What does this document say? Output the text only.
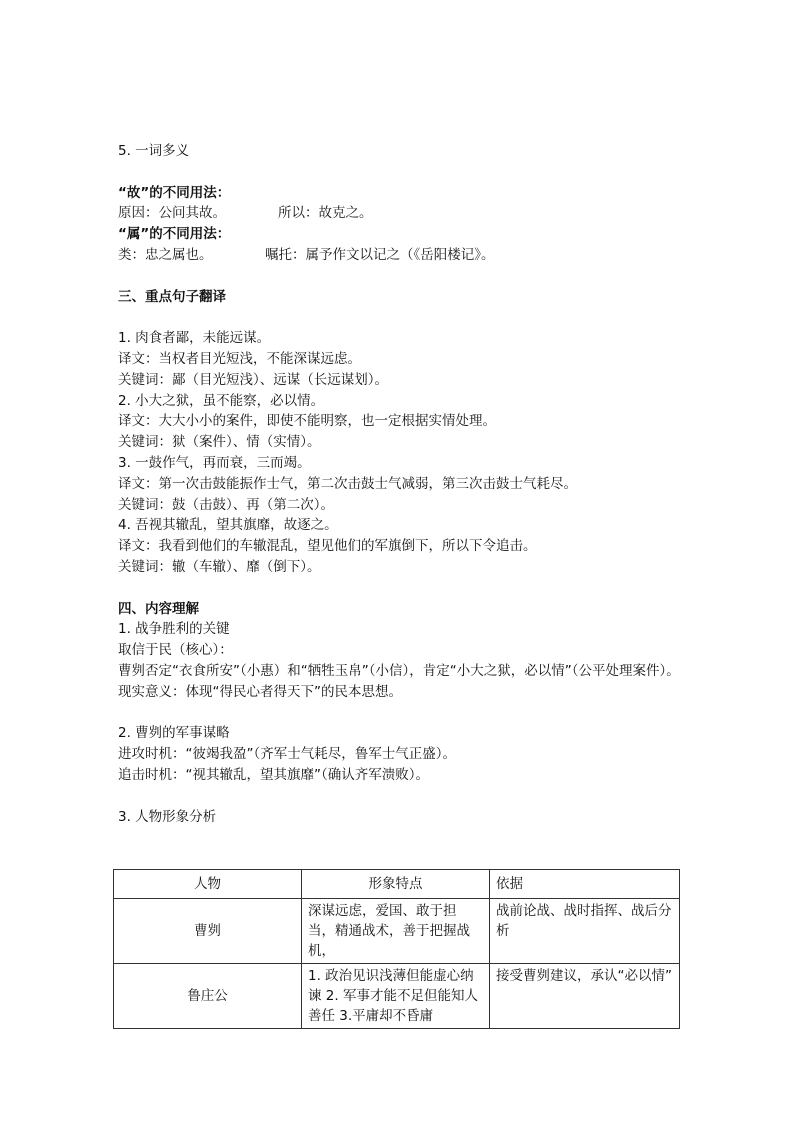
5. 一词多义
“故”的不同用法：
原因：公问其故。	所以：故克之。
“属”的不同用法：
类：忠之属也。	嘱托：属予作文以记之（《岳阳楼记》。
三、重点句子翻译
1. 肉食者鄙，未能远谋。
译文：当权者目光短浅，不能深谋远虑。
关键词：鄙（目光短浅）、远谋（长远谋划）。
2. 小大之狱，虽不能察，必以情。
译文：大大小小的案件，即使不能明察，也一定根据实情处理。
关键词：狱（案件）、情（实情）。
3. 一鼓作气，再而衰，三而竭。
译文：第一次击鼓能振作士气，第二次击鼓士气减弱，第三次击鼓士气耗尽。
关键词：鼓（击鼓）、再（第二次）。
4. 吾视其辙乱，望其旗靡，故逐之。
译文：我看到他们的车辙混乱，望见他们的军旗倒下，所以下令追击。
关键词：辙（车辙）、靡（倒下）。
四、内容理解
1. 战争胜利的关键
取信于民（核心）：
曹刿否定“衣食所安”（小惠）和“牺牲玉帛”（小信），肯定“小大之狱，必以情”（公平处理案件）。
现实意义：体现“得民心者得天下”的民本思想。
2. 曹刿的军事谋略
进攻时机：“彼竭我盈”（齐军士气耗尽，鲁军士气正盛）。
追击时机：“视其辙乱，望其旗靡”（确认齐军溃败）。
3. 人物形象分析
人物	形象特点	依据
曹刿	深谋远虑，爱国、敢于担当，精通战术，善于把握战机，	战前论战、战时指挥、战后分析
鲁庄公	1. 政治见识浅薄但能虚心纳谏 2. 军事才能不足但能知人善任 3.平庸却不昏庸	接受曹刿建议，承认“必以情”
